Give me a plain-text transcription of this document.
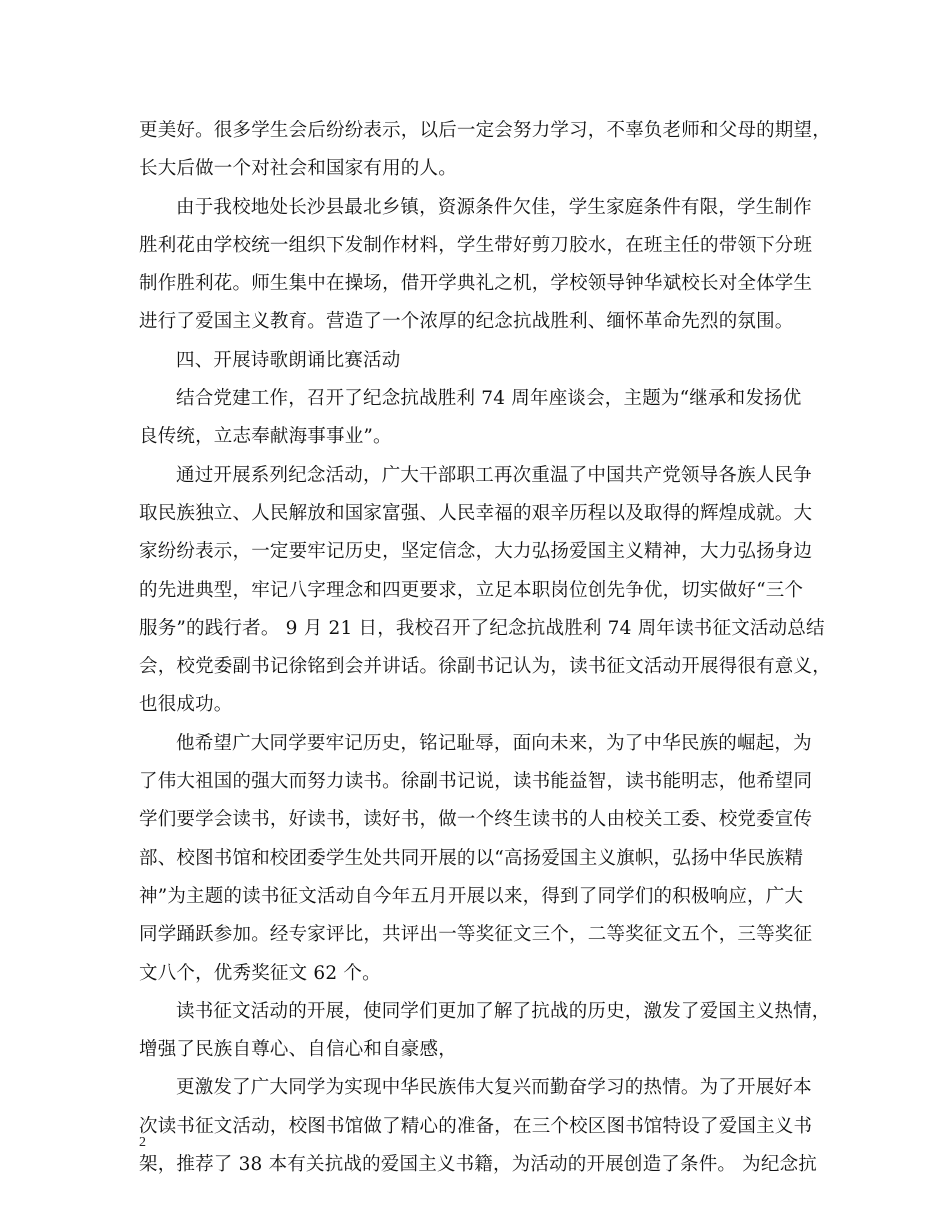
更美好。很多学生会后纷纷表示，以后一定会努力学习，不辜负老师和父母的期望，
长大后做一个对社会和国家有用的人。
由于我校地处长沙县最北乡镇，资源条件欠佳，学生家庭条件有限，学生制作
胜利花由学校统一组织下发制作材料，学生带好剪刀胶水，在班主任的带领下分班
制作胜利花。师生集中在操场，借开学典礼之机，学校领导钟华斌校长对全体学生
进行了爱国主义教育。营造了一个浓厚的纪念抗战胜利、缅怀革命先烈的氛围。
四、开展诗歌朗诵比赛活动
结合党建工作，召开了纪念抗战胜利 74 周年座谈会，主题为“继承和发扬优
良传统，立志奉献海事事业”。
通过开展系列纪念活动，广大干部职工再次重温了中国共产党领导各族人民争
取民族独立、人民解放和国家富强、人民幸福的艰辛历程以及取得的辉煌成就。大
家纷纷表示，一定要牢记历史，坚定信念，大力弘扬爱国主义精神，大力弘扬身边
的先进典型，牢记八字理念和四更要求，立足本职岗位创先争优，切实做好“三个
服务”的践行者。 9 月 21 日，我校召开了纪念抗战胜利 74 周年读书征文活动总结
会，校党委副书记徐铭到会并讲话。徐副书记认为，读书征文活动开展得很有意义，
也很成功。
他希望广大同学要牢记历史，铭记耻辱，面向未来，为了中华民族的崛起，为
了伟大祖国的强大而努力读书。徐副书记说，读书能益智，读书能明志，他希望同
学们要学会读书，好读书，读好书，做一个终生读书的人由校关工委、校党委宣传
部、校图书馆和校团委学生处共同开展的以“高扬爱国主义旗帜，弘扬中华民族精
神”为主题的读书征文活动自今年五月开展以来，得到了同学们的积极响应，广大
同学踊跃参加。经专家评比，共评出一等奖征文三个，二等奖征文五个，三等奖征
文八个，优秀奖征文 62 个。
读书征文活动的开展，使同学们更加了解了抗战的历史，激发了爱国主义热情，
增强了民族自尊心、自信心和自豪感，
更激发了广大同学为实现中华民族伟大复兴而勤奋学习的热情。为了开展好本
次读书征文活动，校图书馆做了精心的准备，在三个校区图书馆特设了爱国主义书
架，推荐了 38 本有关抗战的爱国主义书籍，为活动的开展创造了条件。 为纪念抗
2
